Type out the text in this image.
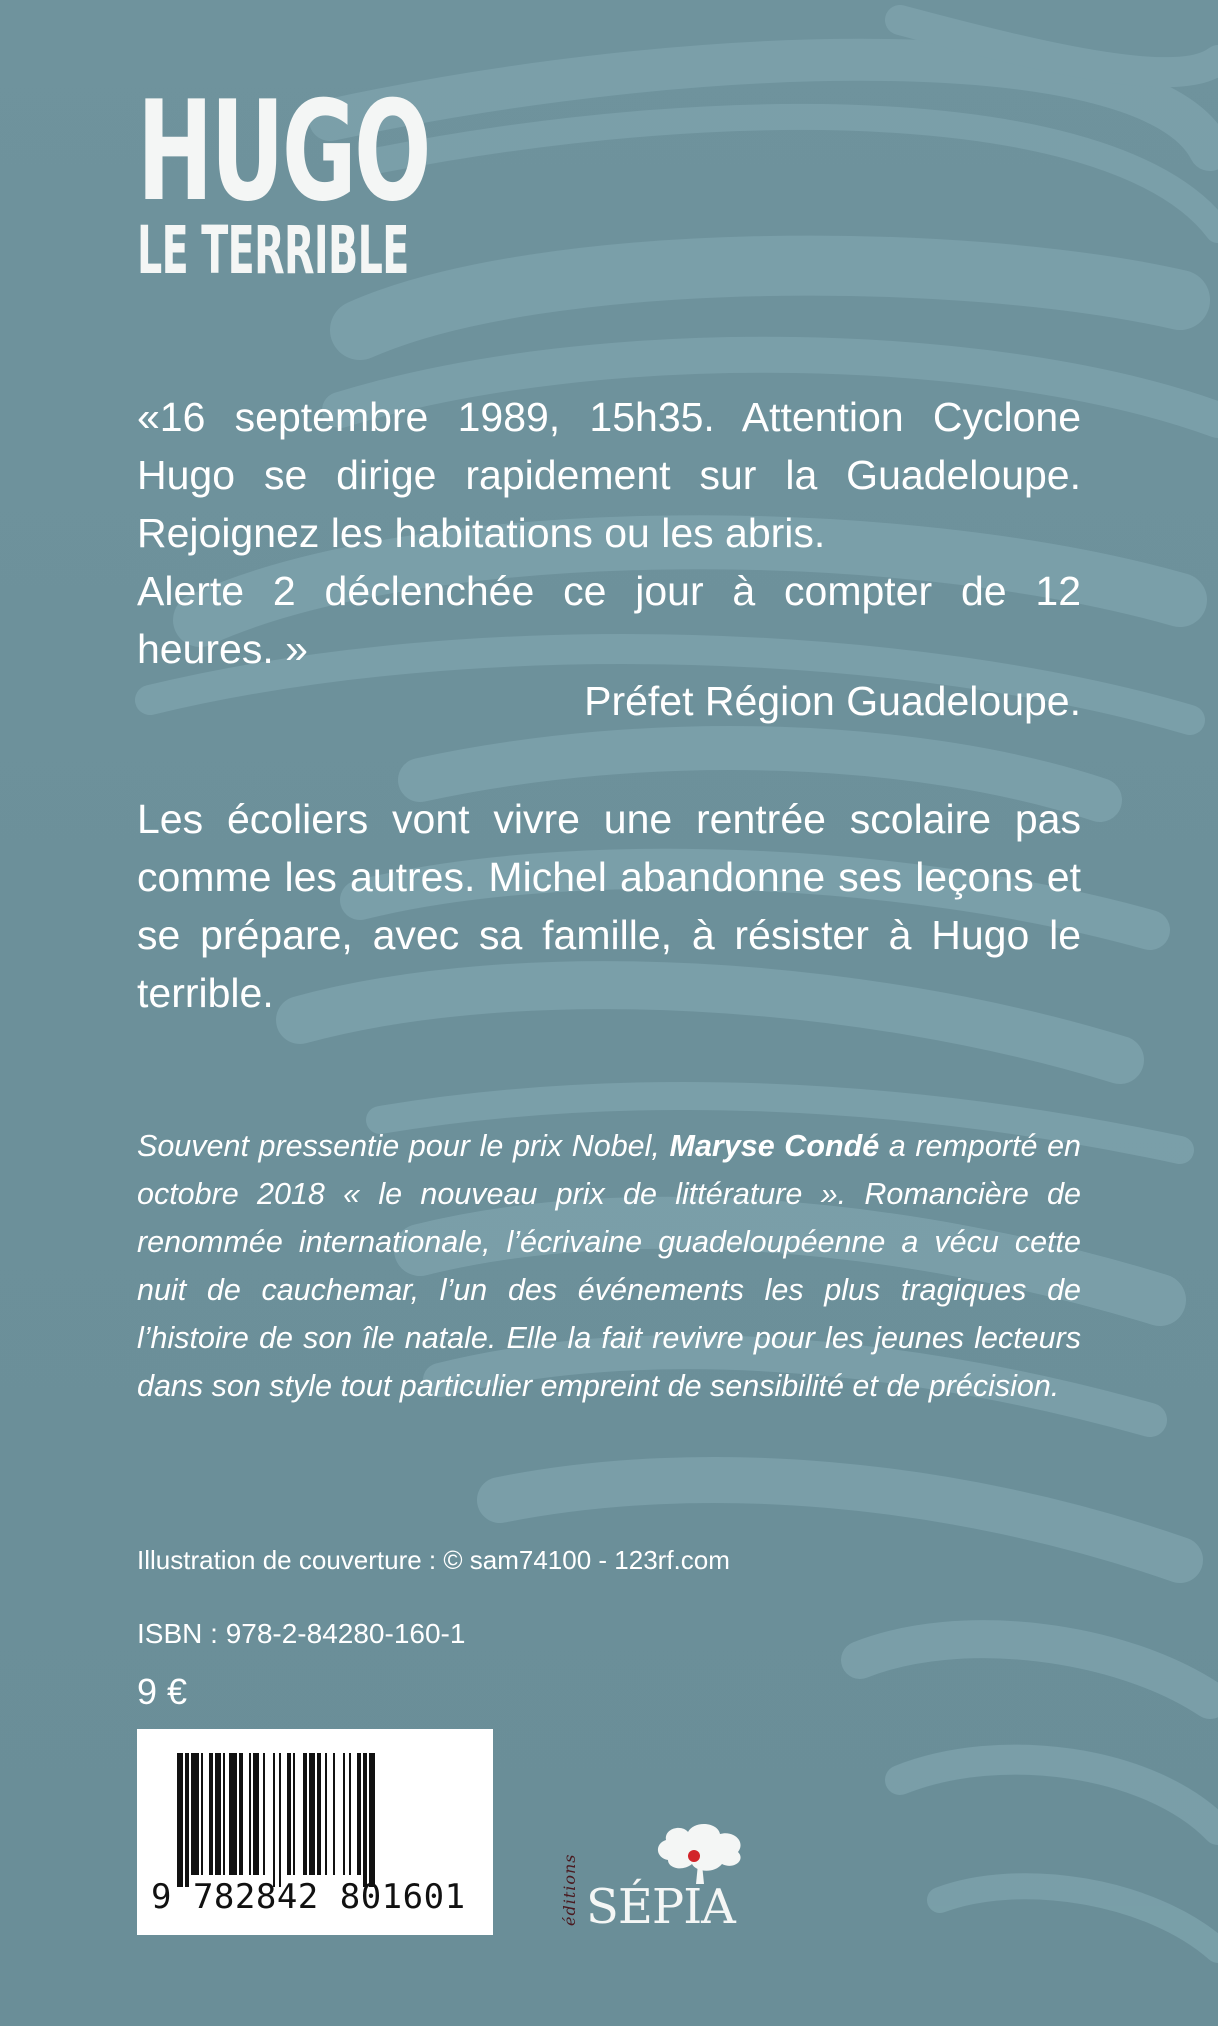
HUGO
LE TERRIBLE

«16 septembre 1989, 15h35. Attention Cyclone

Hugo se dirige rapidement sur la Guadeloupe.

Rejoignez les habitations ou les abris.

Alerte 2 déclenchée ce jour à compter de 12

heures. »

Préfet Région Guadeloupe.

Les écoliers vont vivre une rentrée scolaire pas comme les autres. Michel abandonne ses leçons et se prépare, avec sa famille, à résister à Hugo le terrible.

Souvent pressentie pour le prix Nobel, Maryse Condé a remporté en octobre 2018 « le nouveau prix de littérature ». Romancière de renommée internationale, l’écrivaine guadeloupéenne a vécu cette nuit de cauchemar, l’un des événements les plus tragiques de l’histoire de son île natale. Elle la fait revivre pour les jeunes lecteurs dans son style tout particulier empreint de sensibilité et de précision.

Illustration de couverture : © sam74100 - 123rf.com
ISBN : 978-2-84280-160-1
9 €
9 782842 801601	éditions SÉPIA
